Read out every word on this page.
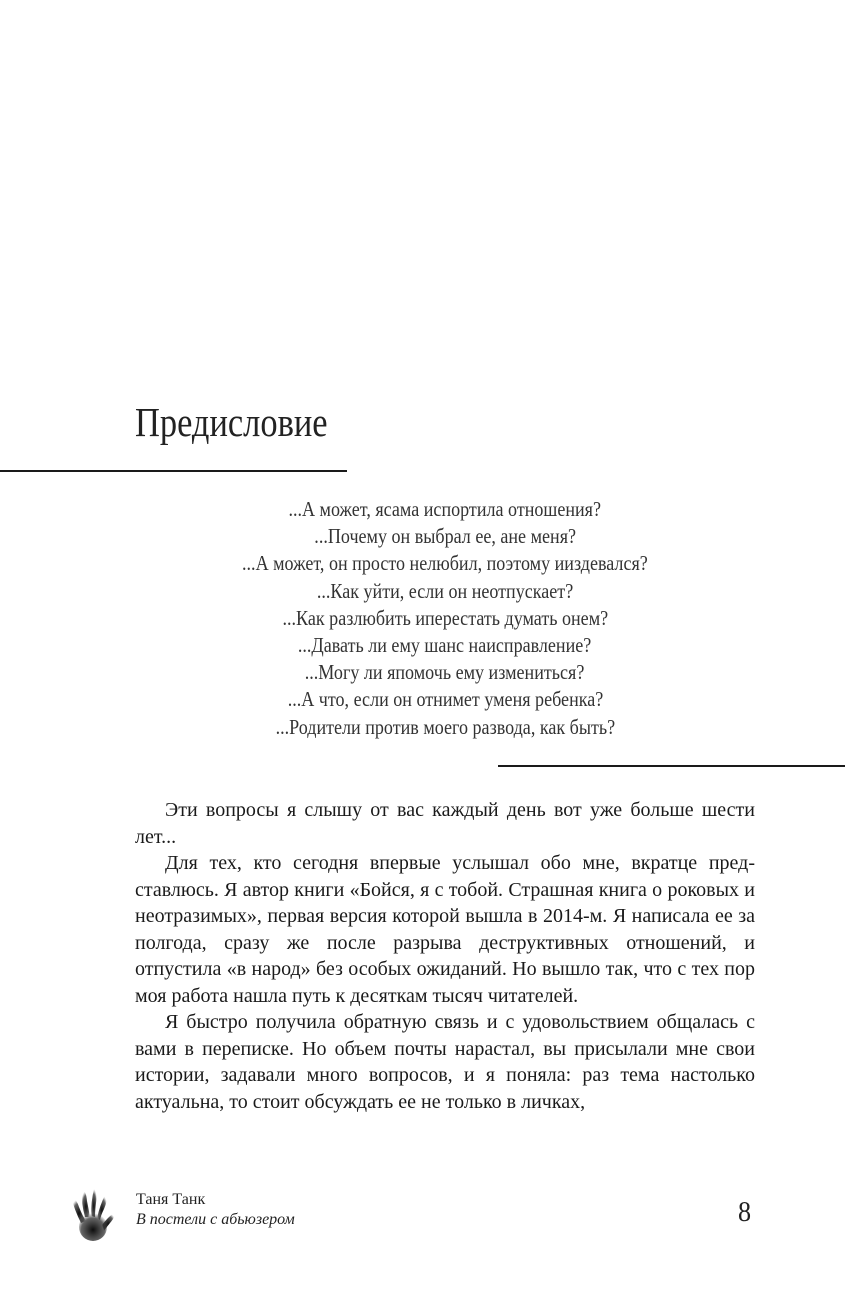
Предисловие
...А может, ясама испортила отношения?
...Почему он выбрал ее, ане меня?
...А может, он просто нелюбил, поэтому ииздевался?
...Как уйти, если он неотпускает?
...Как разлюбить иперестать думать онем?
...Давать ли ему шанс наисправление?
...Могу ли япомочь ему измениться?
...А что, если он отнимет уменя ребенка?
...Родители против моего развода, как быть?

Эти вопросы я слышу от вас каждый день вот уже больше шести лет...

Для тех, кто сегодня впервые услышал обо мне, вкратце представлюсь. Я автор книги «Бойся, я с тобой. Страшная книга о роковых и неотразимых», первая версия которой вышла в 2014-м. Я написала ее за полгода, сразу же после разрыва деструктивных отношений, и отпустила «в народ» без особых ожиданий. Но вышло так, что с тех пор моя работа нашла путь к десяткам тысяч читателей.

Я быстро получила обратную связь и с удовольствием общалась с вами в переписке. Но объем почты нарастал, вы присылали мне свои истории, задавали много вопросов, и я поняла: раз тема настолько актуальна, то стоит обсуждать ее не только в личках,

Таня Танк
В постели с абьюзером	8
